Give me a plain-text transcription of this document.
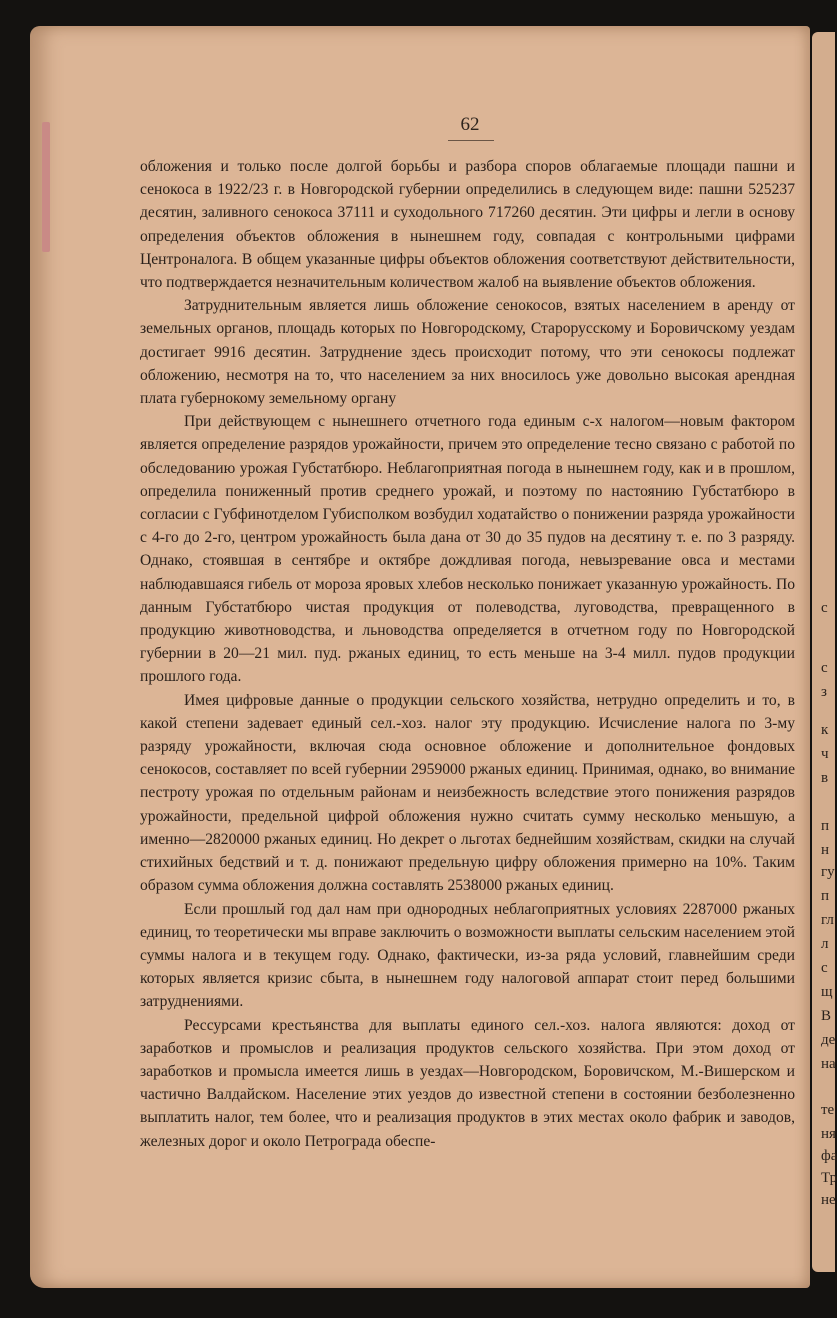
с
с
з
к
ч
в
п
н
гу
п
гл
л
с
щ
В
де
на
те
ня
фа
Тр
не
62

обложения и только после долгой борьбы и разбора споров облагаемые площади пашни и сенокоса в 1922/23 г. в Новгородской губернии определились в следующем виде: пашни 525237 десятин, заливного сенокоса 37111 и суходольного 717260 десятин. Эти цифры и легли в основу определения объектов обложения в нынешнем году, совпадая с контрольными цифрами Центроналога. В общем указанные цифры объектов обложения соответствуют действительности, что подтверждается незначительным количеством жалоб на выявление объектов обложения.

Затруднительным является лишь обложение сенокосов, взятых населением в аренду от земельных органов, площадь которых по Новгородскому, Старорусскому и Боровичскому уездам достигает 9916 десятин. Затруднение здесь происходит потому, что эти сенокосы подлежат обложению, несмотря на то, что населением за них вносилось уже довольно высокая арендная плата губернокому земельному органу

При действующем с нынешнего отчетного года единым с-х налогом—новым фактором является определение разрядов урожайности, причем это определение тесно связано с работой по обследованию урожая Губстатбюро. Неблагоприятная погода в нынешнем году, как и в прошлом, определила пониженный против среднего урожай, и поэтому по настоянию Губстатбюро в согласии с Губфинотделом Губисполком возбудил ходатайство о понижении разряда урожайности с 4-го до 2-го, центром урожайность была дана от 30 до 35 пудов на десятину т. е. по 3 разряду. Однако, стоявшая в сентябре и октябре дождливая погода, невызревание овса и местами наблюдавшаяся гибель от мороза яровых хлебов несколько понижает указанную урожайность. По данным Губстатбюро чистая продукция от полеводства, луговодства, превращенного в продукцию животноводства, и льноводства определяется в отчетном году по Новгородской губернии в 20—21 мил. пуд. ржаных единиц, то есть меньше на 3-4 милл. пудов продукции прошлого года.

Имея цифровые данные о продукции сельского хозяйства, нетрудно определить и то, в какой степени задевает единый сел.-хоз. налог эту продукцию. Исчисление налога по 3-му разряду урожайности, включая сюда основное обложение и дополнительное фондовых сенокосов, составляет по всей губернии 2959000 ржаных единиц. Принимая, однако, во внимание пестроту урожая по отдельным районам и неизбежность вследствие этого понижения разрядов урожайности, предельной цифрой обложения нужно считать сумму несколько меньшую, а именно—2820000 ржаных единиц. Но декрет о льготах беднейшим хозяйствам, скидки на случай стихийных бедствий и т. д. понижают предельную цифру обложения примерно на 10%. Таким образом сумма обложения должна составлять 2538000 ржаных единиц.

Если прошлый год дал нам при однородных неблагоприятных условиях 2287000 ржаных единиц, то теоретически мы вправе заключить о возможности выплаты сельским населением этой суммы налога и в текущем году. Однако, фактически, из-за ряда условий, главнейшим среди которых является кризис сбыта, в нынешнем году налоговой аппарат стоит перед большими затруднениями.

Рессурсами крестьянства для выплаты единого сел.-хоз. налога являются: доход от заработков и промыслов и реализация продуктов сельского хозяйства. При этом доход от заработков и промысла имеется лишь в уездах—Новгородском, Боровичском, М.-Вишерском и частично Валдайском. Население этих уездов до известной степени в состоянии безболезненно выплатить налог, тем более, что и реализация продуктов в этих местах около фабрик и заводов, железных дорог и около Петрограда обеспе-
